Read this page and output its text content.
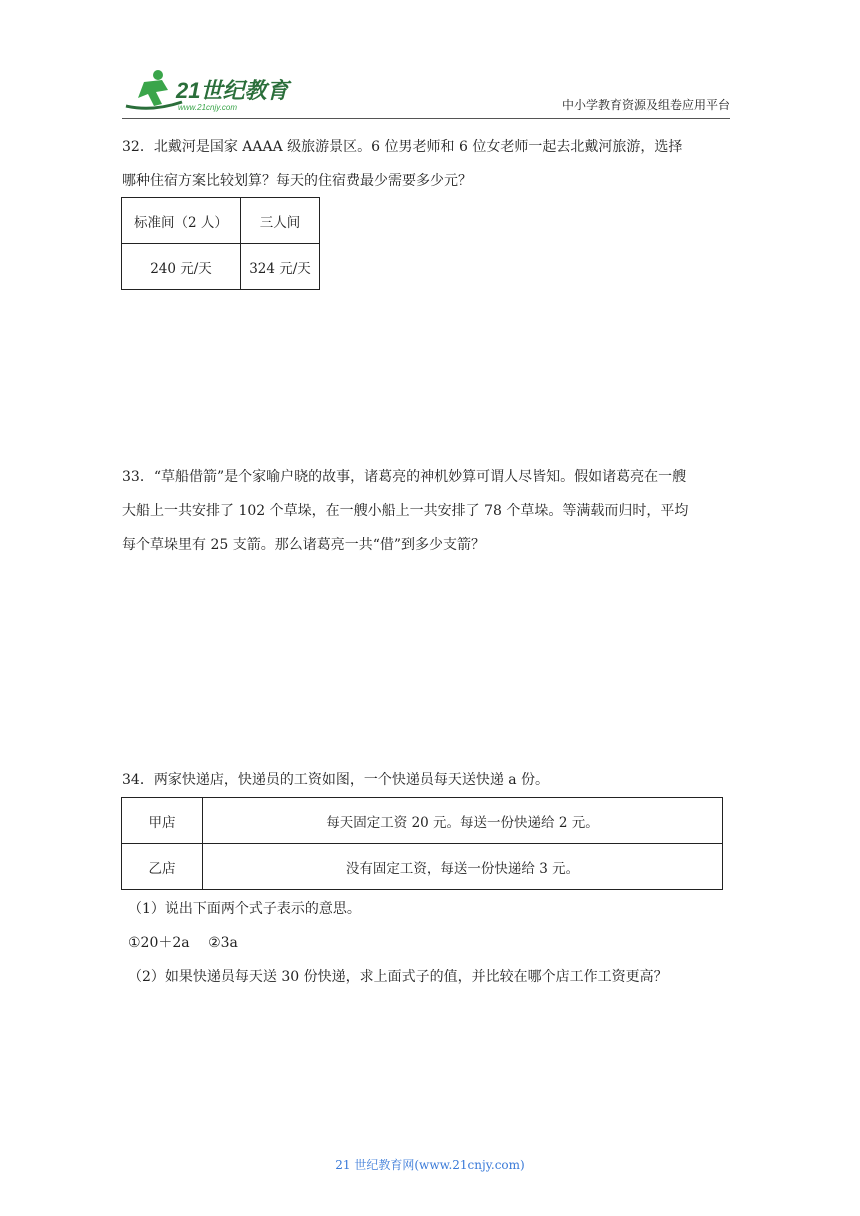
21世纪教育
www.21cnjy.com	中小学教育资源及组卷应用平台
32．北戴河是国家 AAAA 级旅游景区。6 位男老师和 6 位女老师一起去北戴河旅游，选择
哪种住宿方案比较划算？每天的住宿费最少需要多少元？
标准间（2 人）	三人间
240 元/天	324 元/天
33．“草船借箭”是个家喻户晓的故事，诸葛亮的神机妙算可谓人尽皆知。假如诸葛亮在一艘
大船上一共安排了 102 个草垛，在一艘小船上一共安排了 78 个草垛。等满载而归时，平均
每个草垛里有 25 支箭。那么诸葛亮一共“借”到多少支箭？
34．两家快递店，快递员的工资如图，一个快递员每天送快递 a 份。
甲店	每天固定工资 20 元。每送一份快递给 2 元。
乙店	没有固定工资，每送一份快递给 3 元。
（1）说出下面两个式子表示的意思。
①20＋2a　 ②3a
（2）如果快递员每天送 30 份快递，求上面式子的值，并比较在哪个店工作工资更高？
21 世纪教育网(www.21cnjy.com)
